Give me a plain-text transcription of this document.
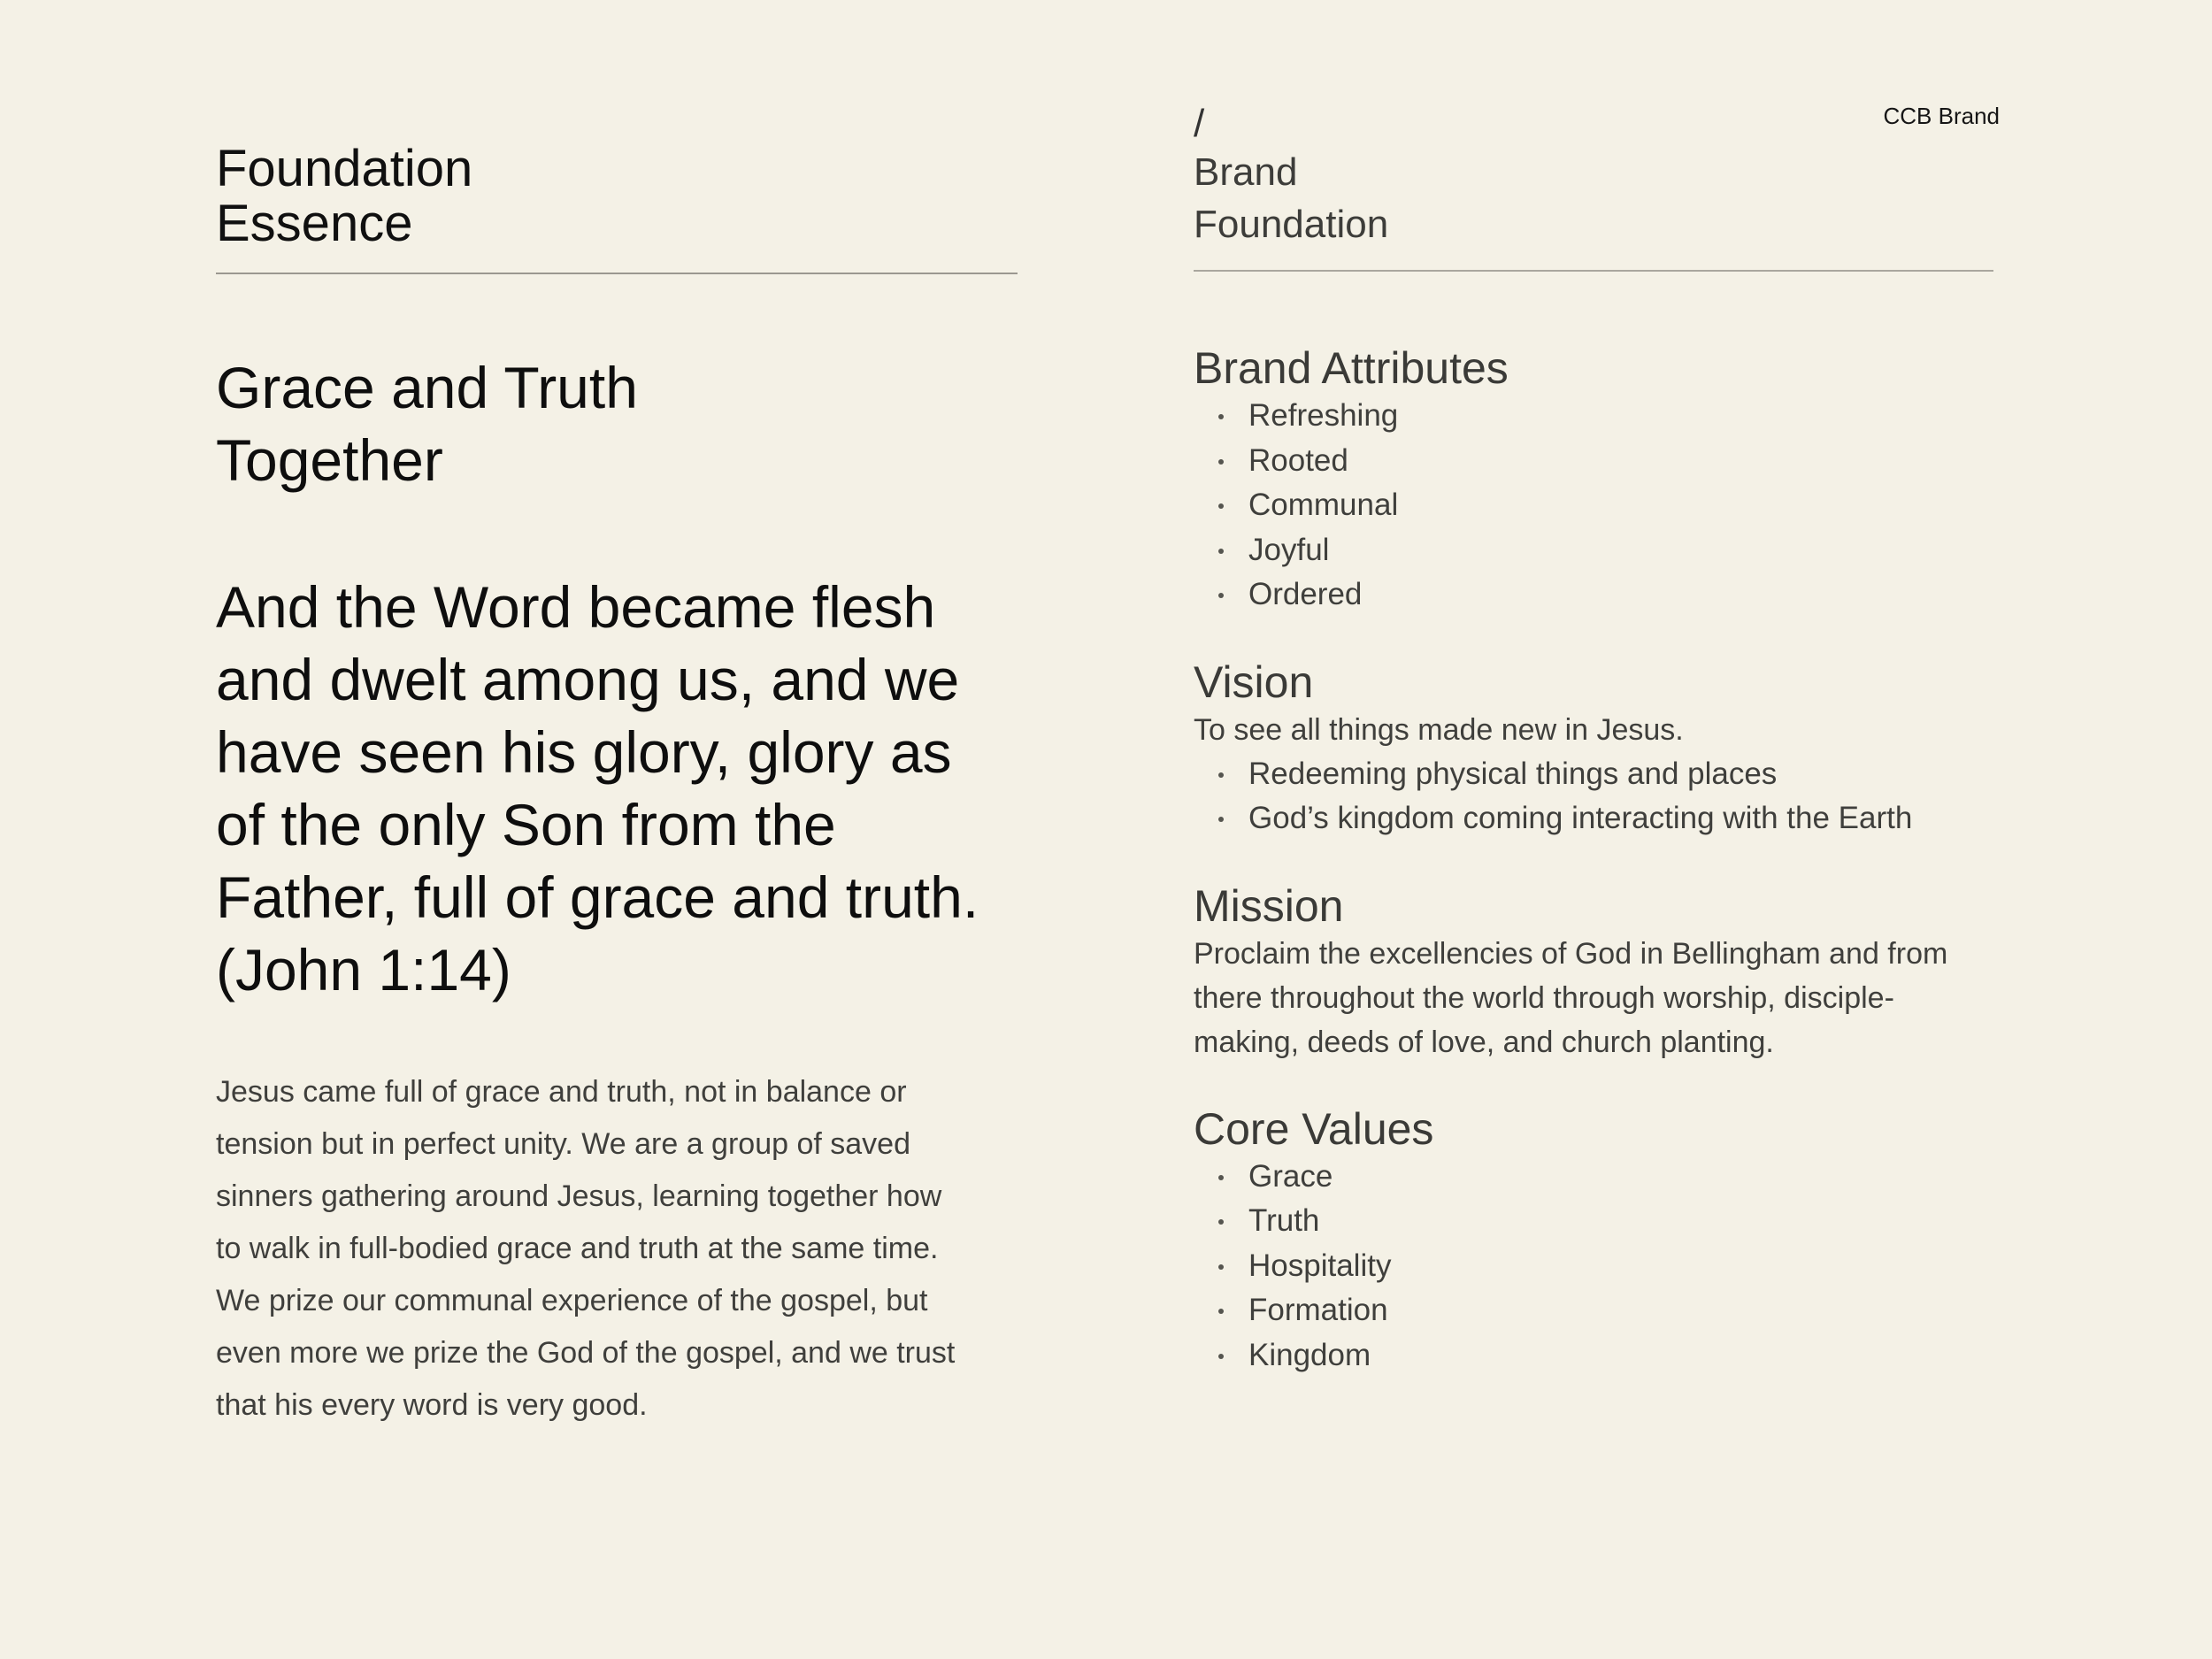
CCB Brand
Foundation
Essence
Grace and Truth
Together

And the Word became flesh and dwelt among us, and we have seen his glory, glory as of the only Son from the Father, full of grace and truth. (John 1:14)

Jesus came full of grace and truth, not in balance or tension but in perfect unity. We are a group of saved sinners gathering around Jesus, learning together how to walk in full-bodied grace and truth at the same time. We prize our communal experience of the gospel, but even more we prize the God of the gospel, and we trust that his every word is very good.

/

Brand
Foundation

Brand Attributes
Refreshing
Rooted
Communal
Joyful
Ordered
Vision

To see all things made new in Jesus.

Redeeming physical things and places
God’s kingdom coming interacting with the Earth
Mission

Proclaim the excellencies of God in Bellingham and from there throughout the world through worship, disciple-making, deeds of love, and church planting.

Core Values
Grace
Truth
Hospitality
Formation
Kingdom
